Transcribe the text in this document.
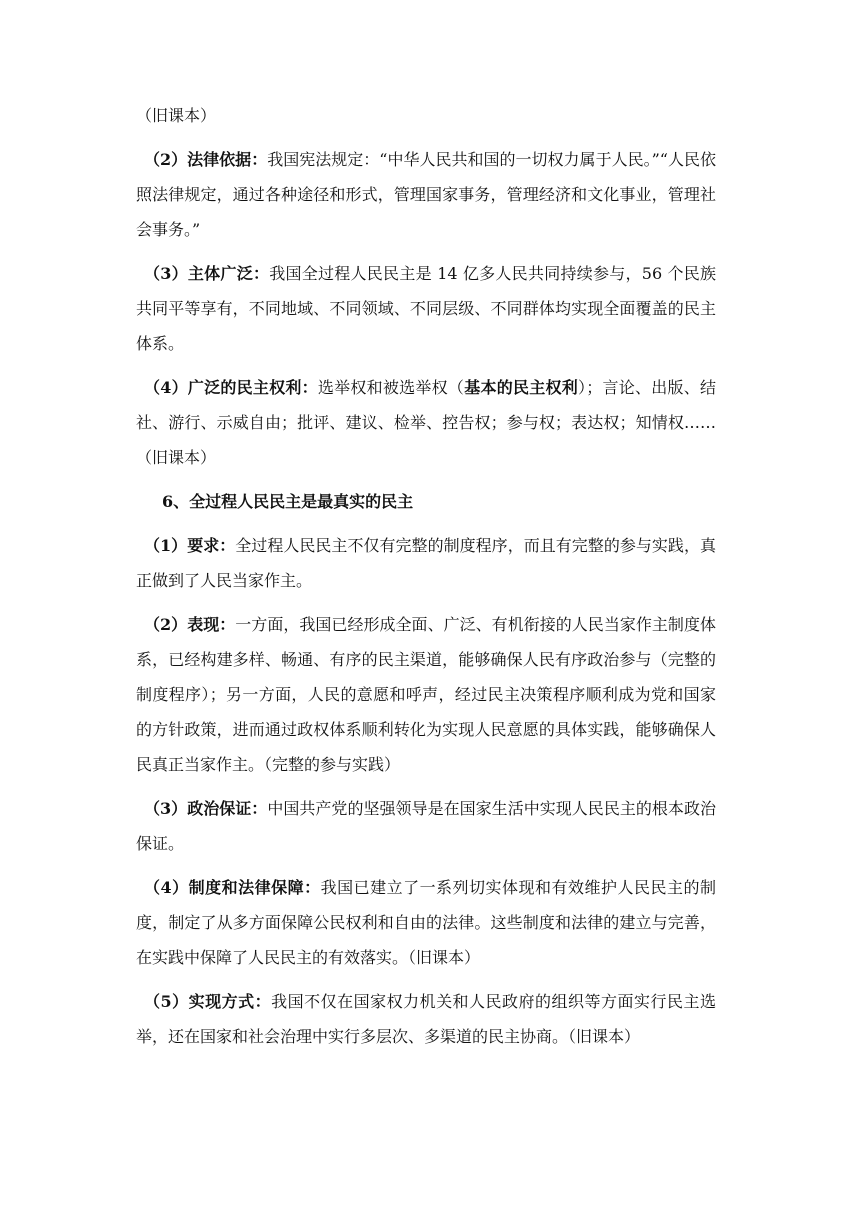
（旧课本）

（2）法律依据：我国宪法规定：“中华人民共和国的一切权力属于人民。”“人民依照法律规定，通过各种途径和形式，管理国家事务，管理经济和文化事业，管理社会事务。”

（3）主体广泛：我国全过程人民民主是 14 亿多人民共同持续参与，56 个民族共同平等享有，不同地域、不同领域、不同层级、不同群体均实现全面覆盖的民主体系。

（4）广泛的民主权利：选举权和被选举权（基本的民主权利）；言论、出版、结社、游行、示威自由；批评、建议、检举、控告权；参与权；表达权；知情权……（旧课本）

6、全过程人民民主是最真实的民主

（1）要求：全过程人民民主不仅有完整的制度程序，而且有完整的参与实践，真正做到了人民当家作主。

（2）表现：一方面，我国已经形成全面、广泛、有机衔接的人民当家作主制度体系，已经构建多样、畅通、有序的民主渠道，能够确保人民有序政治参与（完整的制度程序）；另一方面，人民的意愿和呼声，经过民主决策程序顺利成为党和国家的方针政策，进而通过政权体系顺利转化为实现人民意愿的具体实践，能够确保人民真正当家作主。（完整的参与实践）

（3）政治保证：中国共产党的坚强领导是在国家生活中实现人民民主的根本政治保证。

（4）制度和法律保障：我国已建立了一系列切实体现和有效维护人民民主的制度，制定了从多方面保障公民权利和自由的法律。这些制度和法律的建立与完善，在实践中保障了人民民主的有效落实。（旧课本）

（5）实现方式：我国不仅在国家权力机关和人民政府的组织等方面实行民主选举，还在国家和社会治理中实行多层次、多渠道的民主协商。（旧课本）
